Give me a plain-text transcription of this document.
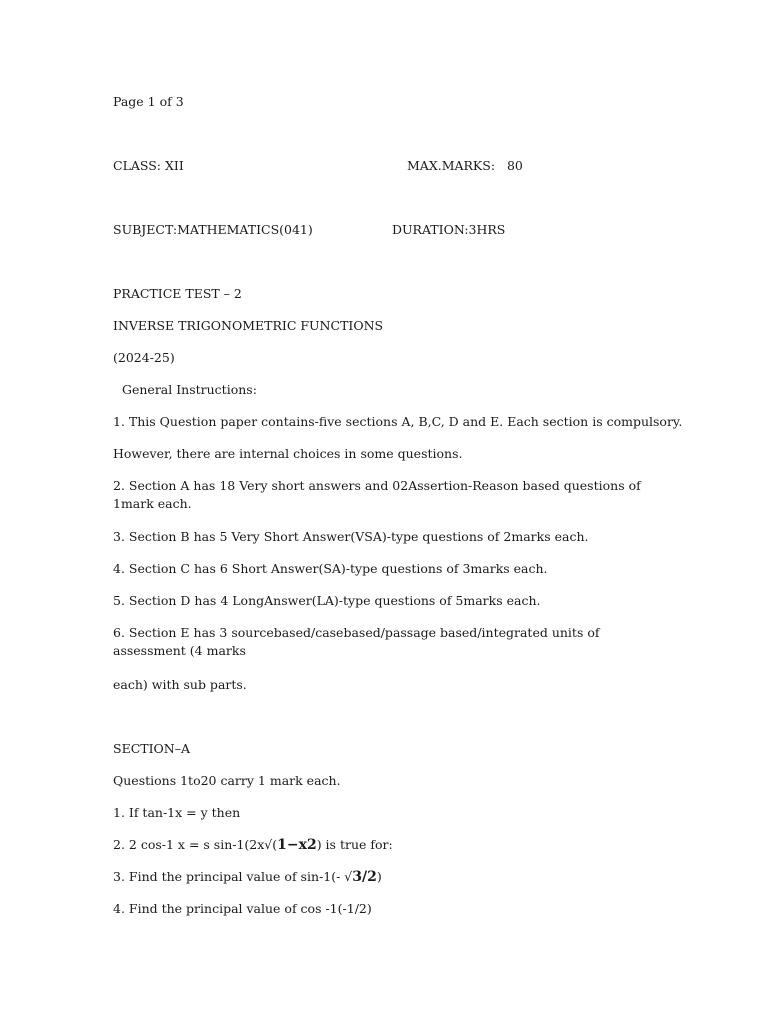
Page 1 of 3
CLASS: XII	MAX.MARKS:   80
SUBJECT:MATHEMATICS(041)	DURATION:3HRS
PRACTICE TEST – 2
INVERSE TRIGONOMETRIC FUNCTIONS
(2024-25)
General Instructions:
1. This Question paper contains-five sections A, B,C, D and E. Each section is compulsory.
However, there are internal choices in some questions.
2. Section A has 18 Very short answers and 02Assertion-Reason based questions of 1mark each.
3. Section B has 5 Very Short Answer(VSA)-type questions of 2marks each.
4. Section C has 6 Short Answer(SA)-type questions of 3marks each.
5. Section D has 4 LongAnswer(LA)-type questions of 5marks each.
6. Section E has 3 sourcebased/casebased/passage based/integrated units of assessment (4 marks
each) with sub parts.
SECTION–A
Questions 1to20 carry 1 mark each.
1. If tan-1x = y then
2. 2 cos-1 x = s sin-1(2x√(1−x2) is true for:
3. Find the principal value of sin-1(- √3/2)
4. Find the principal value of cos -1(-1/2)
